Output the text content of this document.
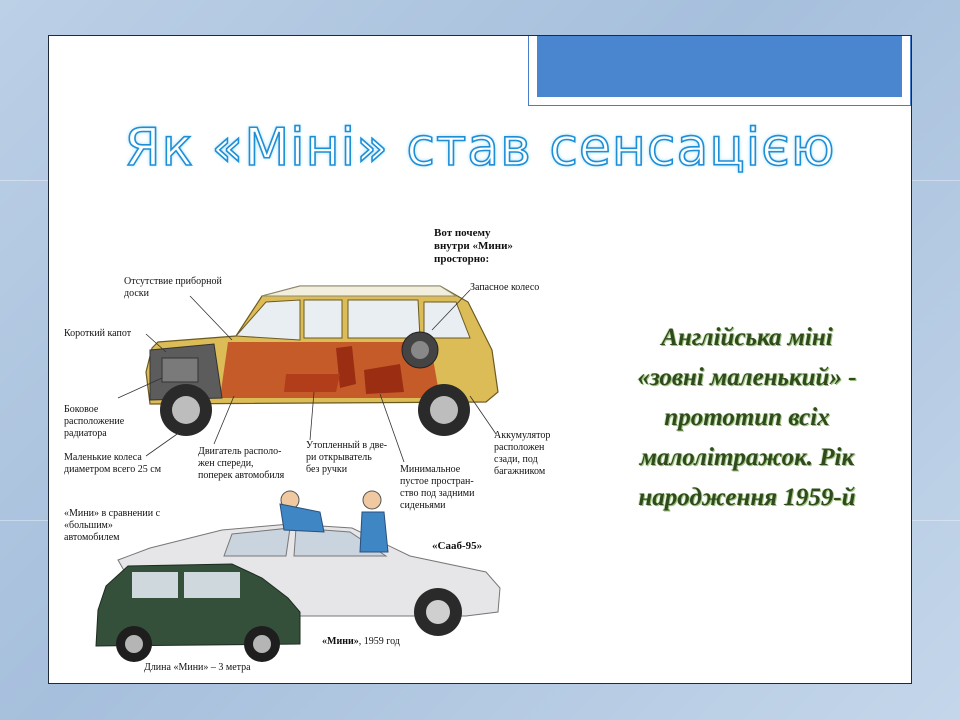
Як «Міні» став сенсацією
Вот почему
внутри «Мини»
просторно:
Отсутствие приборной
доски
Короткий капот
Боковое
расположение
радиатора
Маленькие колеса
диаметром всего 25 см
Двигатель располо-
жен спереди,
поперек автомобиля
Утопленный в две-
ри открыватель
без ручки	Минимальное
пустое простран-
ство под задними
сиденьями
Запасное колесо
Аккумулятор
расположен
сзади, под
багажником
«Мини» в сравнении с
«большим»
автомобилем
«Сааб-95»
«Мини», 1959 год
Длина «Мини» – 3 метра
Англійська міні
«зовні маленький» -
прототип всіх
малолітражок. Рік
народження 1959-й
